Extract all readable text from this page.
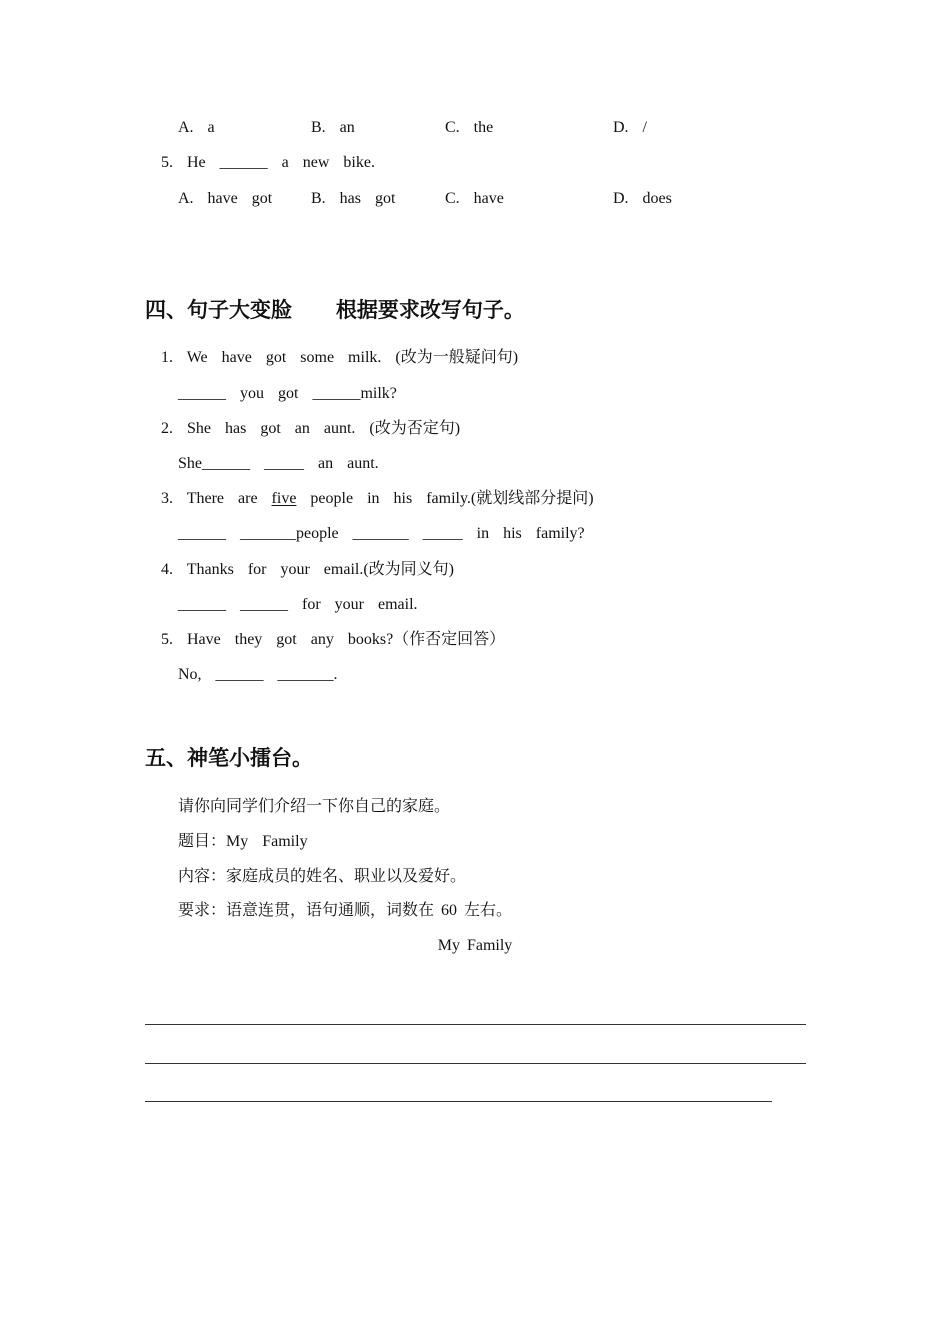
A.  a	B.  an	C.  the	D.  /
5.  He  ______  a  new  bike.
A.  have  got B.  has  got	C.  have	D.  does
四、句子大变脸      根据要求改写句子。
1.  We  have  got  some  milk.  (改为一般疑问句)
______  you  got  ______milk?
2.  She  has  got  an  aunt.  (改为否定句)
She______  _____  an  aunt.
3.  There  are  five  people  in  his  family.(就划线部分提问)
______  _______people  _______  _____  in  his  family?
4.  Thanks  for  your  email.(改为同义句)
______  ______  for  your  email.
5.  Have  they  got  any  books?（作否定回答）
No,  ______  _______.
五、神笔小擂台。
请你向同学们介绍一下你自己的家庭。
题目：My  Family
内容：家庭成员的姓名、职业以及爱好。
要求：语意连贯，语句通顺，词数在 60 左右。
My Family
